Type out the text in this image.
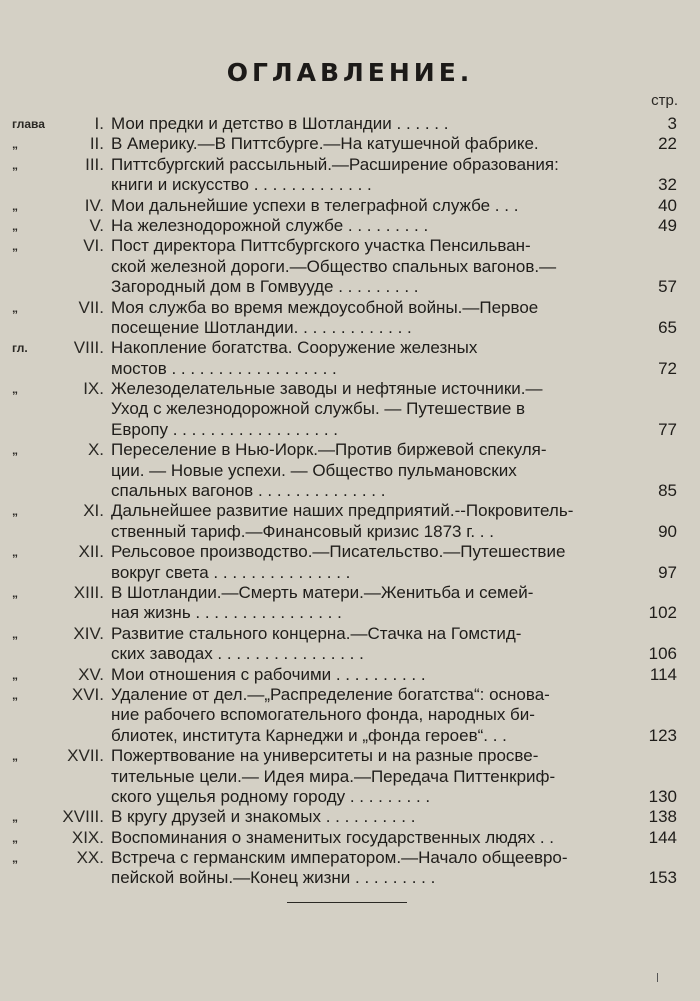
ОГЛАВЛЕНИЕ.
стр.
глава	I. Мои предки и детство в Шотландии . . . . . .	3
„	II. В Америку.—В Питтсбурге.—На катушечной фабрике.	22
„	III. Питтсбургский рассыльный.—Расширение образования:
книги и искусство . . . . . . . . . . . . .	32
„	IV. Мои дальнейшие успехи в телеграфной службе . . .	40
„	V. На железнодорожной службе . . . . . . . . .	49
„	VI. Пост директора Питтсбургского участка Пенсильван-
ской железной дороги.—Общество спальных вагонов.—
Загородный дом в Гомвууде . . . . . . . . .	57
„	VII. Моя служба во время междоусобной войны.—Первое
посещение Шотландии. . . . . . . . . . . . .	65
гл.	VIII. Накопление богатства. Сооружение железных
мостов . . . . . . . . . . . . . . . . . .	72
„	IX. Железоделательные заводы и нефтяные источники.—
Уход с железнодорожной службы. — Путешествие в
Европу . . . . . . . . . . . . . . . . . .	77
„	X. Переселение в Нью-Иорк.—Против биржевой спекуля-
ции. — Новые успехи. — Общество пульмановских
спальных вагонов . . . . . . . . . . . . . .	85
„	XI. Дальнейшее развитие наших предприятий.--Покровитель-
ственный тариф.—Финансовый кризис 1873 г. . .	90
„	XII. Рельсовое производство.—Писательство.—Путешествие
вокруг света . . . . . . . . . . . . . . .	97
„	XIII. В Шотландии.—Смерть матери.—Женитьба и семей-
ная жизнь . . . . . . . . . . . . . . . .	102
„	XIV. Развитие стального концерна.—Стачка на Гомстид-
ских заводах . . . . . . . . . . . . . . . .	106
„	XV. Мои отношения с рабочими . . . . . . . . . .	114
„	XVI. Удаление от дел.—„Распределение богатства“: основа-
ние рабочего вспомогательного фонда, народных би-
блиотек, института Карнеджи и „фонда героев“. . .	123
„	XVII. Пожертвование на университеты и на разные просве-
тительные цели.— Идея мира.—Передача Питтенкриф-
ского ущелья родному городу . . . . . . . . .	130
„	XVIII. В кругу друзей и знакомых . . . . . . . . . .	138
„	XIX. Воспоминания о знаменитых государственных людях . .	144
„	XX. Встреча с германским императором.—Начало общеевро-
пейской войны.—Конец жизни . . . . . . . . .	153
